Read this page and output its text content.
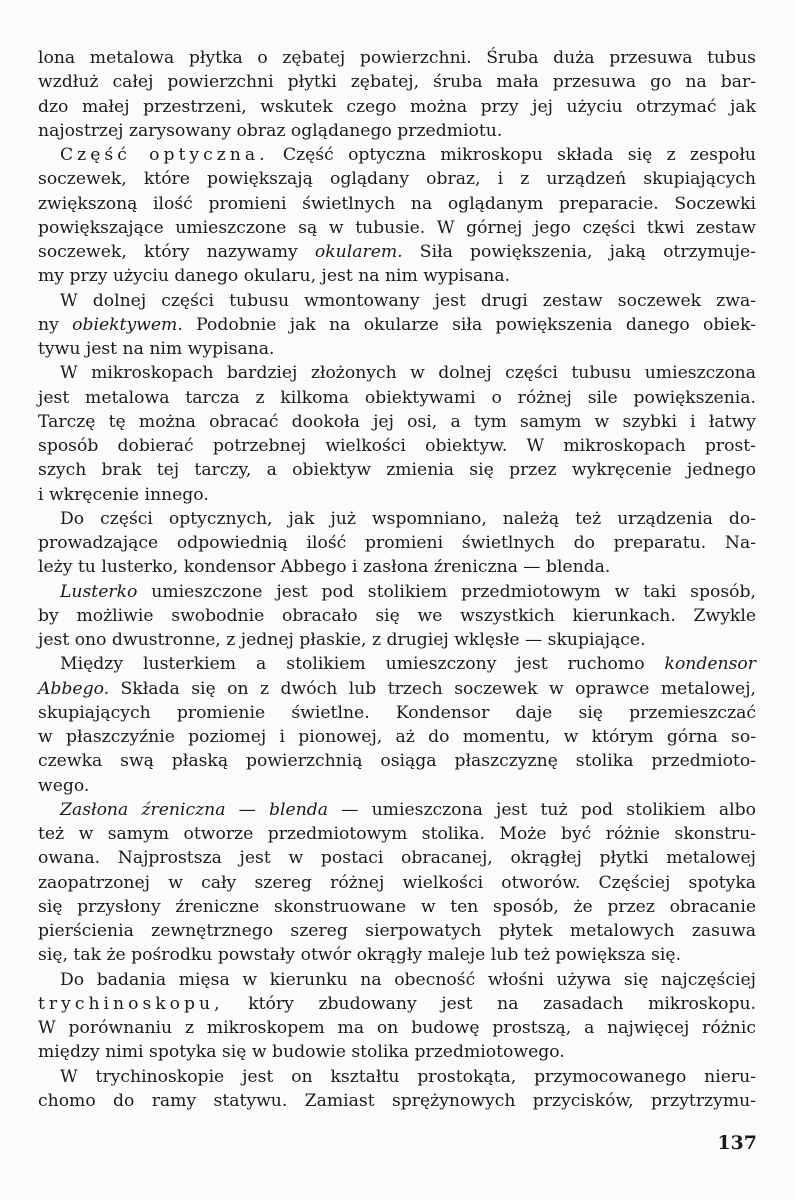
lona metalowa płytka o zębatej powierzchni. Śruba duża przesuwa tubus
wzdłuż całej powierzchni płytki zębatej, śruba mała przesuwa go na bar-
dzo małej przestrzeni, wskutek czego można przy jej użyciu otrzymać jak
najostrzej zarysowany obraz oglądanego przedmiotu.
Część optyczna. Część optyczna mikroskopu składa się z zespołu
soczewek, które powiększają oglądany obraz, i z urządzeń skupiających
zwiększoną ilość promieni świetlnych na oglądanym preparacie. Soczewki
powiększające umieszczone są w tubusie. W górnej jego części tkwi zestaw
soczewek, który nazywamy okularem. Siła powiększenia, jaką otrzymuje-
my przy użyciu danego okularu, jest na nim wypisana.
W dolnej części tubusu wmontowany jest drugi zestaw soczewek zwa-
ny obiektywem. Podobnie jak na okularze siła powiększenia danego obiek-
tywu jest na nim wypisana.
W mikroskopach bardziej złożonych w dolnej części tubusu umieszczona
jest metalowa tarcza z kilkoma obiektywami o różnej sile powiększenia.
Tarczę tę można obracać dookoła jej osi, a tym samym w szybki i łatwy
sposób dobierać potrzebnej wielkości obiektyw. W mikroskopach prost-
szych brak tej tarczy, a obiektyw zmienia się przez wykręcenie jednego
i wkręcenie innego.
Do części optycznych, jak już wspomniano, należą też urządzenia do-
prowadzające odpowiednią ilość promieni świetlnych do preparatu. Na-
leży tu lusterko, kondensor Abbego i zasłona źreniczna — blenda.
Lusterko umieszczone jest pod stolikiem przedmiotowym w taki sposób,
by możliwie swobodnie obracało się we wszystkich kierunkach. Zwykle
jest ono dwustronne, z jednej płaskie, z drugiej wklęsłe — skupiające.
Między lusterkiem a stolikiem umieszczony jest ruchomo kondensor
Abbego. Składa się on z dwóch lub trzech soczewek w oprawce metalowej,
skupiających promienie świetlne. Kondensor daje się przemieszczać
w płaszczyźnie poziomej i pionowej, aż do momentu, w którym górna so-
czewka swą płaską powierzchnią osiąga płaszczyznę stolika przedmioto-
wego.
Zasłona źreniczna — blenda — umieszczona jest tuż pod stolikiem albo
też w samym otworze przedmiotowym stolika. Może być różnie skonstru-
owana. Najprostsza jest w postaci obracanej, okrągłej płytki metalowej
zaopatrzonej w cały szereg różnej wielkości otworów. Częściej spotyka
się przysłony źreniczne skonstruowane w ten sposób, że przez obracanie
pierścienia zewnętrznego szereg sierpowatych płytek metalowych zasuwa
się, tak że pośrodku powstały otwór okrągły maleje lub też powiększa się.
Do badania mięsa w kierunku na obecność włośni używa się najczęściej
trychinoskopu, który zbudowany jest na zasadach mikroskopu.
W porównaniu z mikroskopem ma on budowę prostszą, a najwięcej różnic
między nimi spotyka się w budowie stolika przedmiotowego.
W trychinoskopie jest on kształtu prostokąta, przymocowanego nieru-
chomo do ramy statywu. Zamiast sprężynowych przycisków, przytrzymu-
137
